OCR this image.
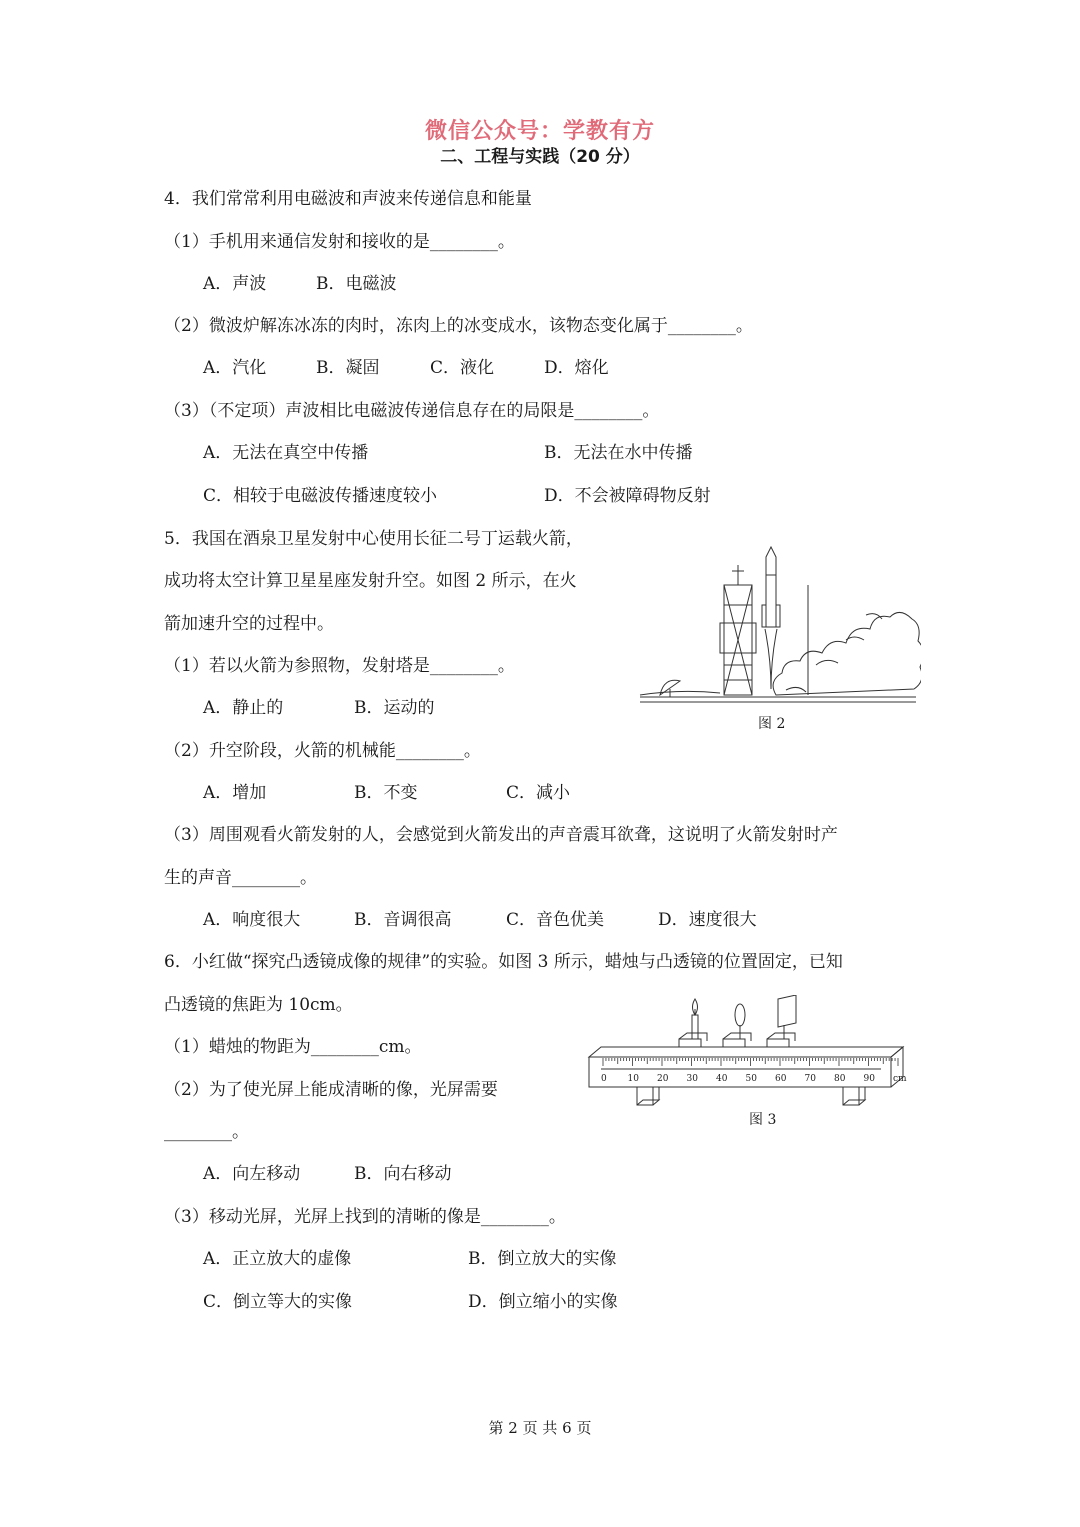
微信公众号：学教有方
二、工程与实践（20 分）
4．我们常常利用电磁波和声波来传递信息和能量
（1）手机用来通信发射和接收的是________。
A．声波	B．电磁波
（2）微波炉解冻冰冻的肉时，冻肉上的冰变成水，该物态变化属于________。
A．汽化	B．凝固	C．液化	D．熔化
（3）（不定项）声波相比电磁波传递信息存在的局限是________。
A．无法在真空中传播	B．无法在水中传播
C．相较于电磁波传播速度较小	D．不会被障碍物反射
5．我国在酒泉卫星发射中心使用长征二号丁运载火箭，
成功将太空计算卫星星座发射升空。如图 2 所示，在火
箭加速升空的过程中。
（1）若以火箭为参照物，发射塔是________。
A．静止的	B．运动的
（2）升空阶段，火箭的机械能________。
A．增加	B．不变	C．减小
（3）周围观看火箭发射的人，会感觉到火箭发出的声音震耳欲聋，这说明了火箭发射时产
生的声音________。
A．响度很大	B．音调很高	C．音色优美	D．速度很大
图 2
6．小红做“探究凸透镜成像的规律”的实验。如图 3 所示，蜡烛与凸透镜的位置固定，已知
凸透镜的焦距为 10cm。
（1）蜡烛的物距为________cm。
（2）为了使光屏上能成清晰的像，光屏需要
________。
A．向左移动	B．向右移动
（3）移动光屏，光屏上找到的清晰的像是________。
A．正立放大的虚像	B．倒立放大的实像
C．倒立等大的实像	D．倒立缩小的实像
0 10 20 30 40 50 60 70 80 90 cm
图 3
第 2 页 共 6 页
